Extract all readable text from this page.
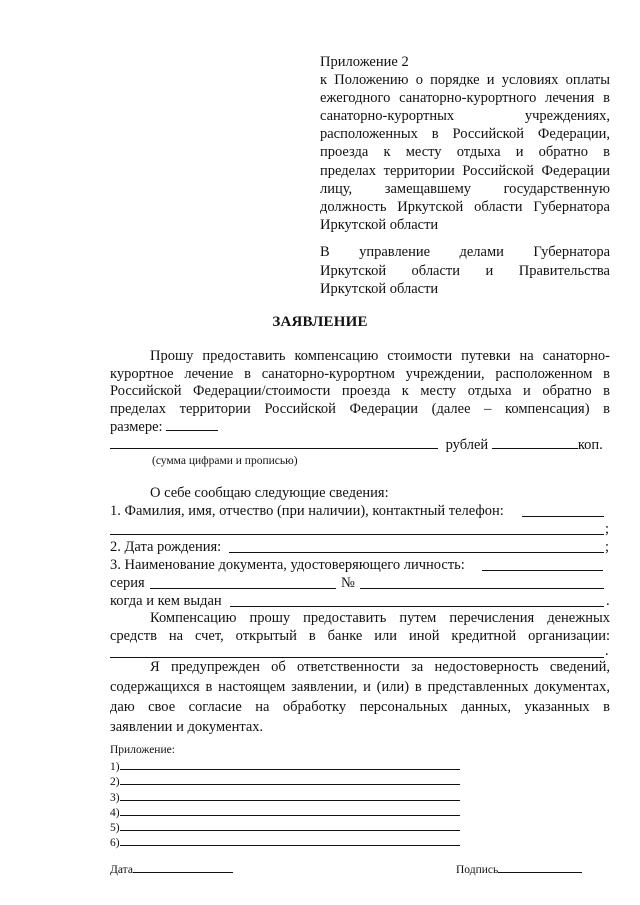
Приложение 2
к Положению о порядке и условиях оплаты
ежегодного санаторно-курортного лечения в
санаторно-курортных учреждениях,
расположенных в Российской Федерации,
проезда к месту отдыха и обратно в
пределах территории Российской Федерации
лицу, замещавшему государственную
должность Иркутской области Губернатора
Иркутской области
В управление делами Губернатора
Иркутской области и Правительства
Иркутской области
ЗАЯВЛЕНИЕ
Прошу предоставить компенсацию стоимости путевки на санаторно-
курортное лечение в санаторно-курортном учреждении, расположенном в
Российской Федерации/стоимости проезда к месту отдыха и обратно в
пределах территории Российской Федерации (далее – компенсация) в
размере:
рублей	коп.
(сумма цифрами и прописью)
О себе сообщаю следующие сведения:
1. Фамилия, имя, отчество (при наличии), контактный телефон:
;
2. Дата рождения:	;
3. Наименование документа, удостоверяющего личность:
серия	№
когда и кем выдан	.
Компенсацию прошу предоставить путем перечисления денежных
средств на счет, открытый в банке или иной кредитной организации:
.
Я предупрежден об ответственности за недостоверность сведений,
содержащихся в настоящем заявлении, и (или) в представленных документах,
даю свое согласие на обработку персональных данных, указанных в
заявлении и документах.
Приложение:
1)
2)
3)
4)
5)
6)
Дата	Подпись
